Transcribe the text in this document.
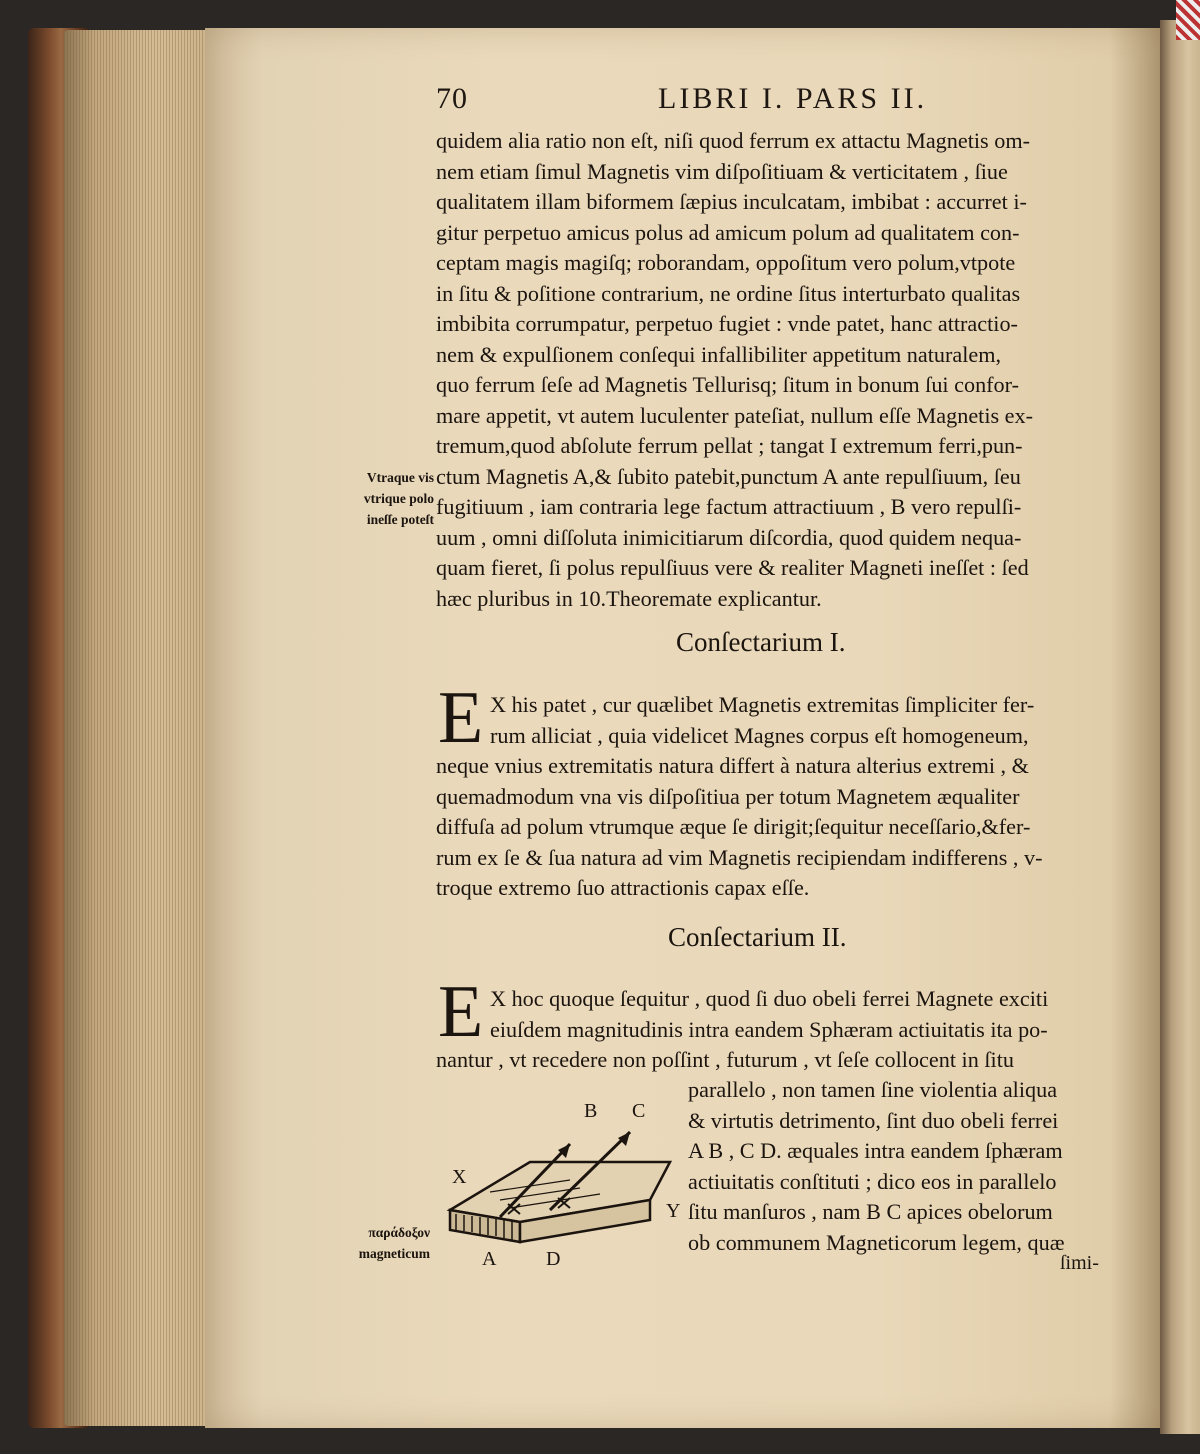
70	LIBRI I. PARS II.
quidem alia ratio non eſt, niſi quod ferrum ex attactu Magnetis om-
nem etiam ſimul Magnetis vim diſpoſitiuam & verticitatem , ſiue
qualitatem illam biformem ſæpius inculcatam, imbibat : accurret i-
gitur perpetuo amicus polus ad amicum polum ad qualitatem con-
ceptam magis magiſq; roborandam, oppoſitum vero polum,vtpote
in ſitu & poſitione contrarium, ne ordine ſitus interturbato qualitas
imbibita corrumpatur, perpetuo fugiet : vnde patet, hanc attractio-
nem & expulſionem conſequi infallibiliter appetitum naturalem,
quo ferrum ſeſe ad Magnetis Tellurisq; ſitum in bonum ſui confor-
mare appetit, vt autem luculenter pateſiat, nullum eſſe Magnetis ex-
tremum,quod abſolute ferrum pellat ; tangat I extremum ferri,pun-
ctum Magnetis A,& ſubito patebit,punctum A ante repulſiuum, ſeu
fugitiuum , iam contraria lege factum attractiuum , B vero repulſi-
uum , omni diſſoluta inimicitiarum diſcordia, quod quidem nequa-
quam fieret, ſi polus repulſiuus vere & realiter Magneti ineſſet : ſed
hæc pluribus in 10.Theoremate explicantur.
Vtraque vis
vtrique polo
ineſſe poteſt
Conſectarium I.
E X his patet , cur quælibet Magnetis extremitas ſimpliciter fer-
rum alliciat , quia videlicet Magnes corpus eſt homogeneum,
neque vnius extremitatis natura differt à natura alterius extremi , &
quemadmodum vna vis diſpoſitiua per totum Magnetem æqualiter
diffuſa ad polum vtrumque æque ſe dirigit;ſequitur neceſſario,&fer-
rum ex ſe & ſua natura ad vim Magnetis recipiendam indifferens , v-
troque extremo ſuo attractionis capax eſſe.
Conſectarium II.
E X hoc quoque ſequitur , quod ſi duo obeli ferrei Magnete exciti
eiuſdem magnitudinis intra eandem Sphæram actiuitatis ita po-
nantur , vt recedere non poſſint , futurum , vt ſeſe collocent in ſitu
parallelo , non tamen ſine violentia aliqua
& virtutis detrimento, ſint duo obeli ferrei
A B , C D. æquales intra eandem ſphæram
actiuitatis conſtituti ; dico eos in parallelo
ſitu manſuros , nam B C apices obelorum
ob communem Magneticorum legem, quæ
ſimi-
παράδοξον
magneticum
B C
X
Y
A D
